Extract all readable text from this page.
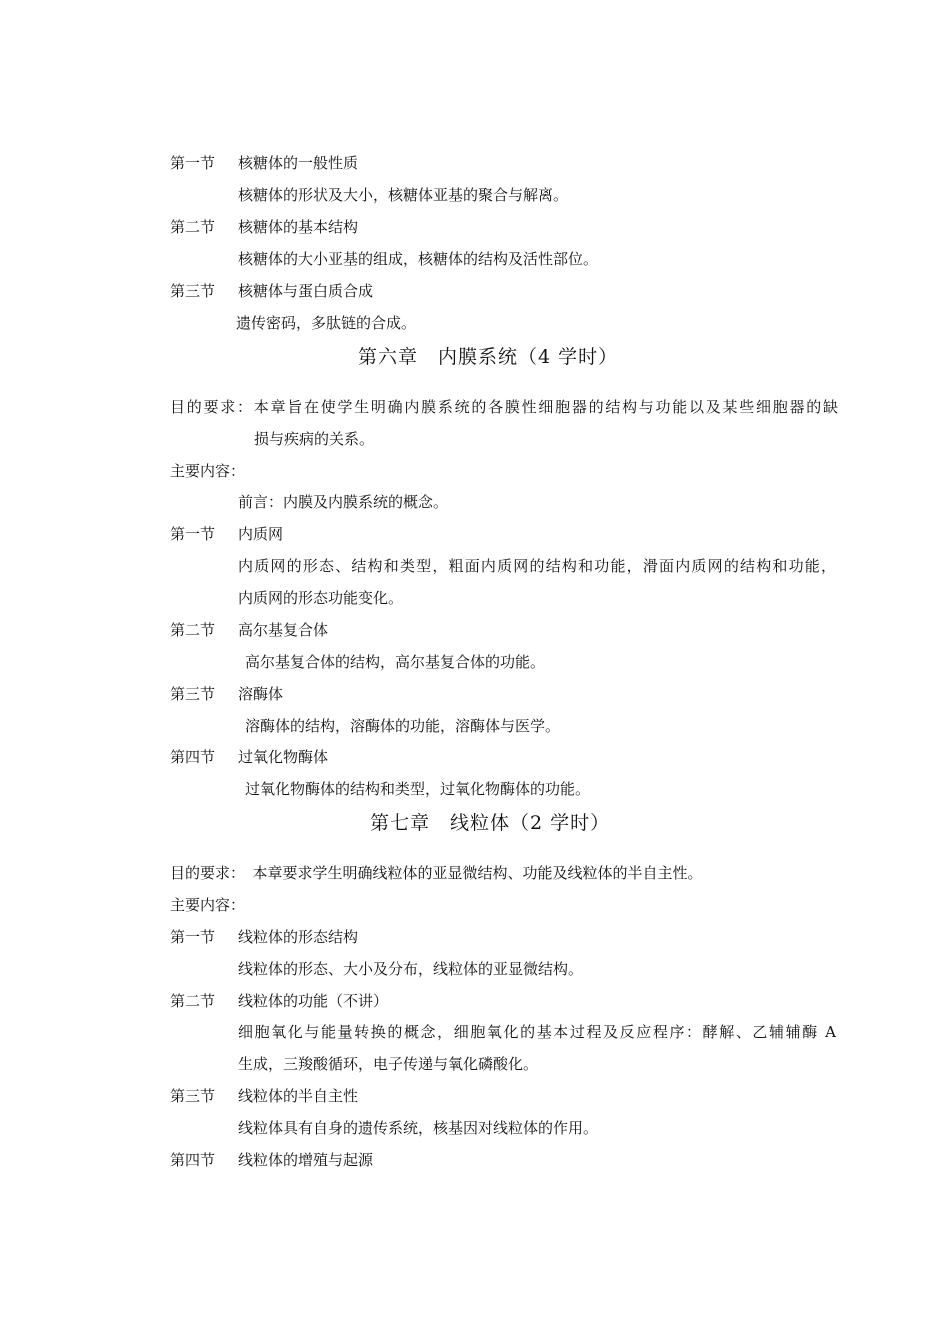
第一节 核糖体的一般性质
核糖体的形状及大小，核糖体亚基的聚合与解离。
第二节 核糖体的基本结构
核糖体的大小亚基的组成，核糖体的结构及活性部位。
第三节 核糖体与蛋白质合成
遗传密码，多肽链的合成。
第六章　内膜系统（4 学时）
目的要求：本章旨在使学生明确内膜系统的各膜性细胞器的结构与功能以及某些细胞器的缺
损与疾病的关系。
主要内容：
前言：内膜及内膜系统的概念。
第一节 内质网
内质网的形态、结构和类型，粗面内质网的结构和功能，滑面内质网的结构和功能，
内质网的形态功能变化。
第二节 高尔基复合体
高尔基复合体的结构，高尔基复合体的功能。
第三节 溶酶体
溶酶体的结构，溶酶体的功能，溶酶体与医学。
第四节 过氧化物酶体
过氧化物酶体的结构和类型，过氧化物酶体的功能。
第七章　线粒体（2 学时）
目的要求：　本章要求学生明确线粒体的亚显微结构、功能及线粒体的半自主性。
主要内容：
第一节 线粒体的形态结构
线粒体的形态、大小及分布，线粒体的亚显微结构。
第二节 线粒体的功能（不讲）
细胞氧化与能量转换的概念，细胞氧化的基本过程及反应程序：酵解、乙辅辅酶 A
生成，三羧酸循环，电子传递与氧化磷酸化。
第三节 线粒体的半自主性
线粒体具有自身的遗传系统，核基因对线粒体的作用。
第四节 线粒体的增殖与起源
